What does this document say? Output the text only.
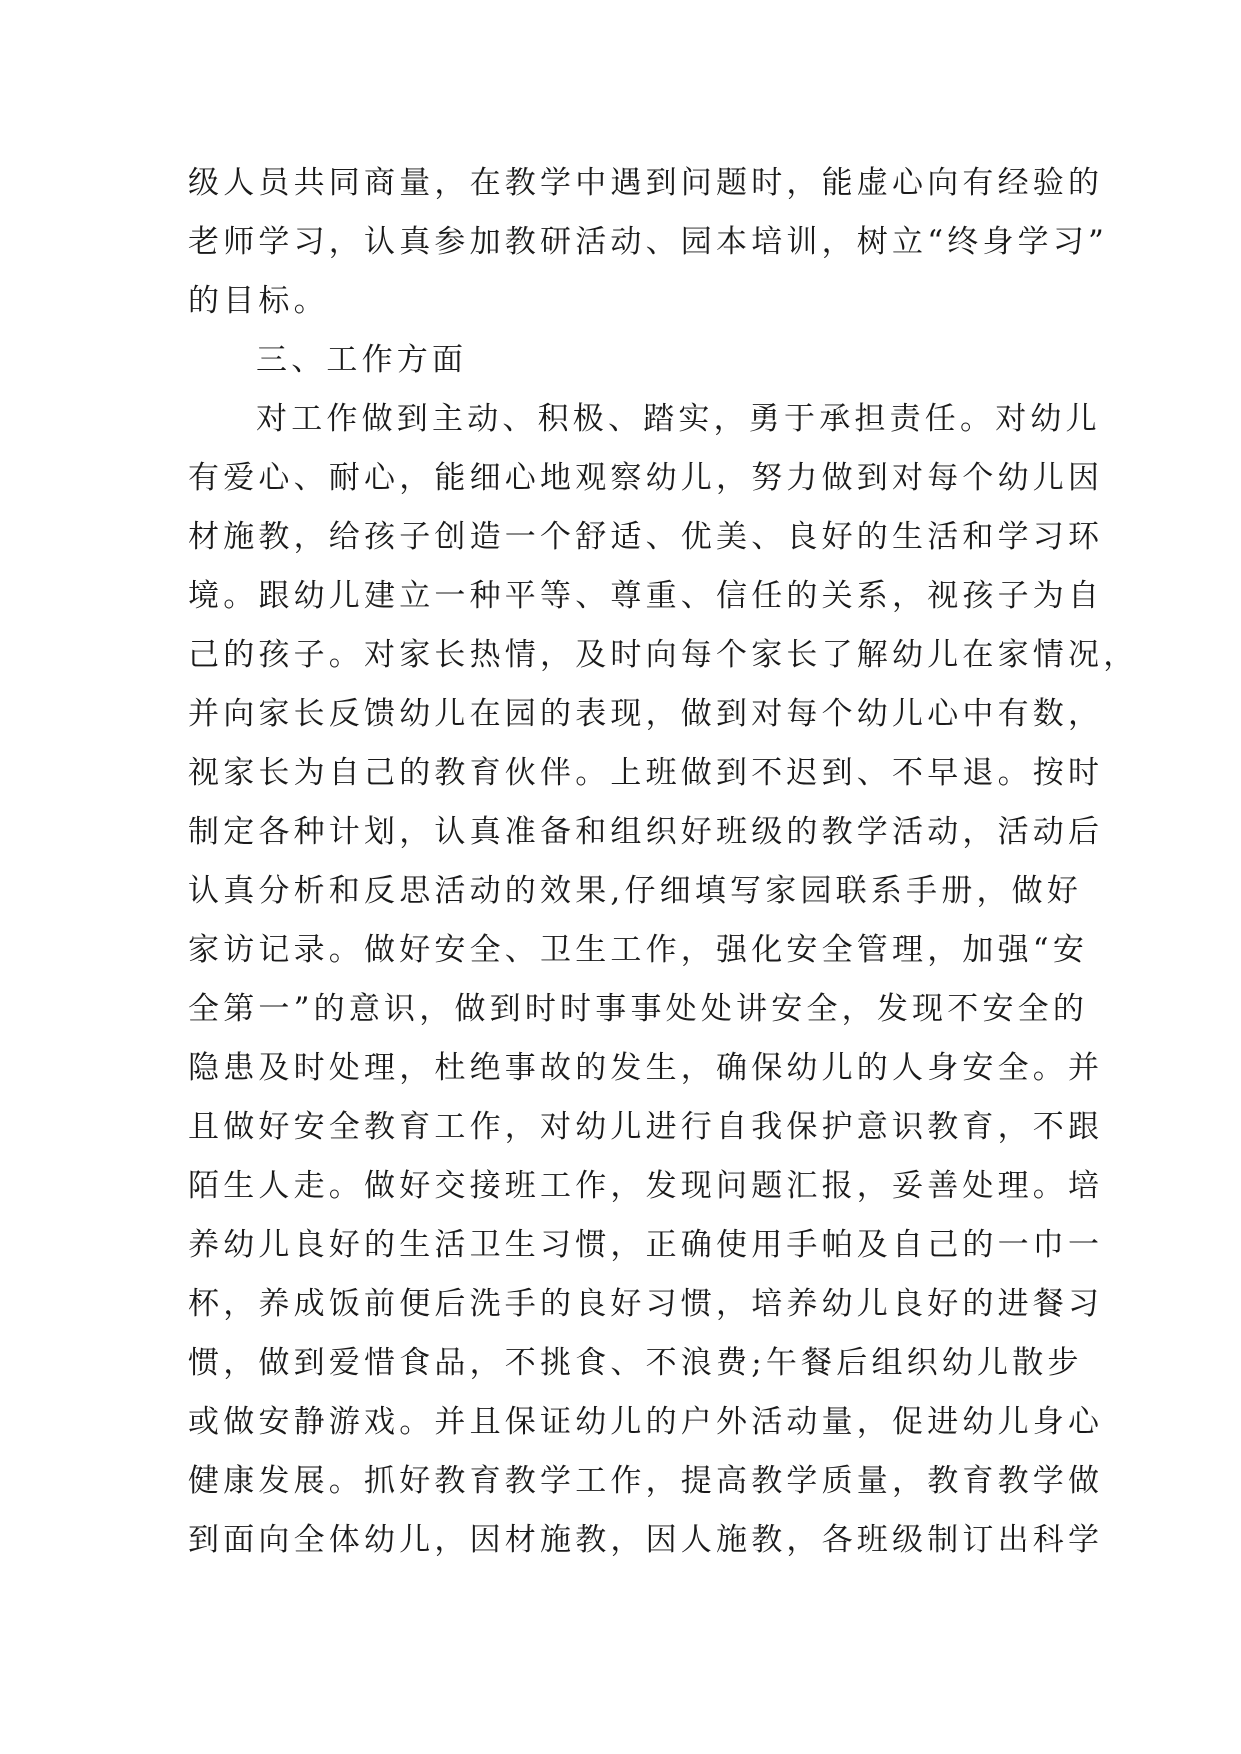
级人员共同商量，在教学中遇到问题时，能虚心向有经验的
老师学习，认真参加教研活动、园本培训，树立“终身学习”
的目标。
三、工作方面
对工作做到主动、积极、踏实，勇于承担责任。对幼儿
有爱心、耐心，能细心地观察幼儿，努力做到对每个幼儿因
材施教，给孩子创造一个舒适、优美、良好的生活和学习环
境。跟幼儿建立一种平等、尊重、信任的关系，视孩子为自
己的孩子。对家长热情，及时向每个家长了解幼儿在家情况，
并向家长反馈幼儿在园的表现，做到对每个幼儿心中有数，
视家长为自己的教育伙伴。上班做到不迟到、不早退。按时
制定各种计划，认真准备和组织好班级的教学活动，活动后
认真分析和反思活动的效果,仔细填写家园联系手册，做好
家访记录。做好安全、卫生工作，强化安全管理，加强“安
全第一”的意识，做到时时事事处处讲安全，发现不安全的
隐患及时处理，杜绝事故的发生，确保幼儿的人身安全。并
且做好安全教育工作，对幼儿进行自我保护意识教育，不跟
陌生人走。做好交接班工作，发现问题汇报，妥善处理。培
养幼儿良好的生活卫生习惯，正确使用手帕及自己的一巾一
杯，养成饭前便后洗手的良好习惯，培养幼儿良好的进餐习
惯，做到爱惜食品，不挑食、不浪费;午餐后组织幼儿散步
或做安静游戏。并且保证幼儿的户外活动量，促进幼儿身心
健康发展。抓好教育教学工作，提高教学质量，教育教学做
到面向全体幼儿，因材施教，因人施教，各班级制订出科学
